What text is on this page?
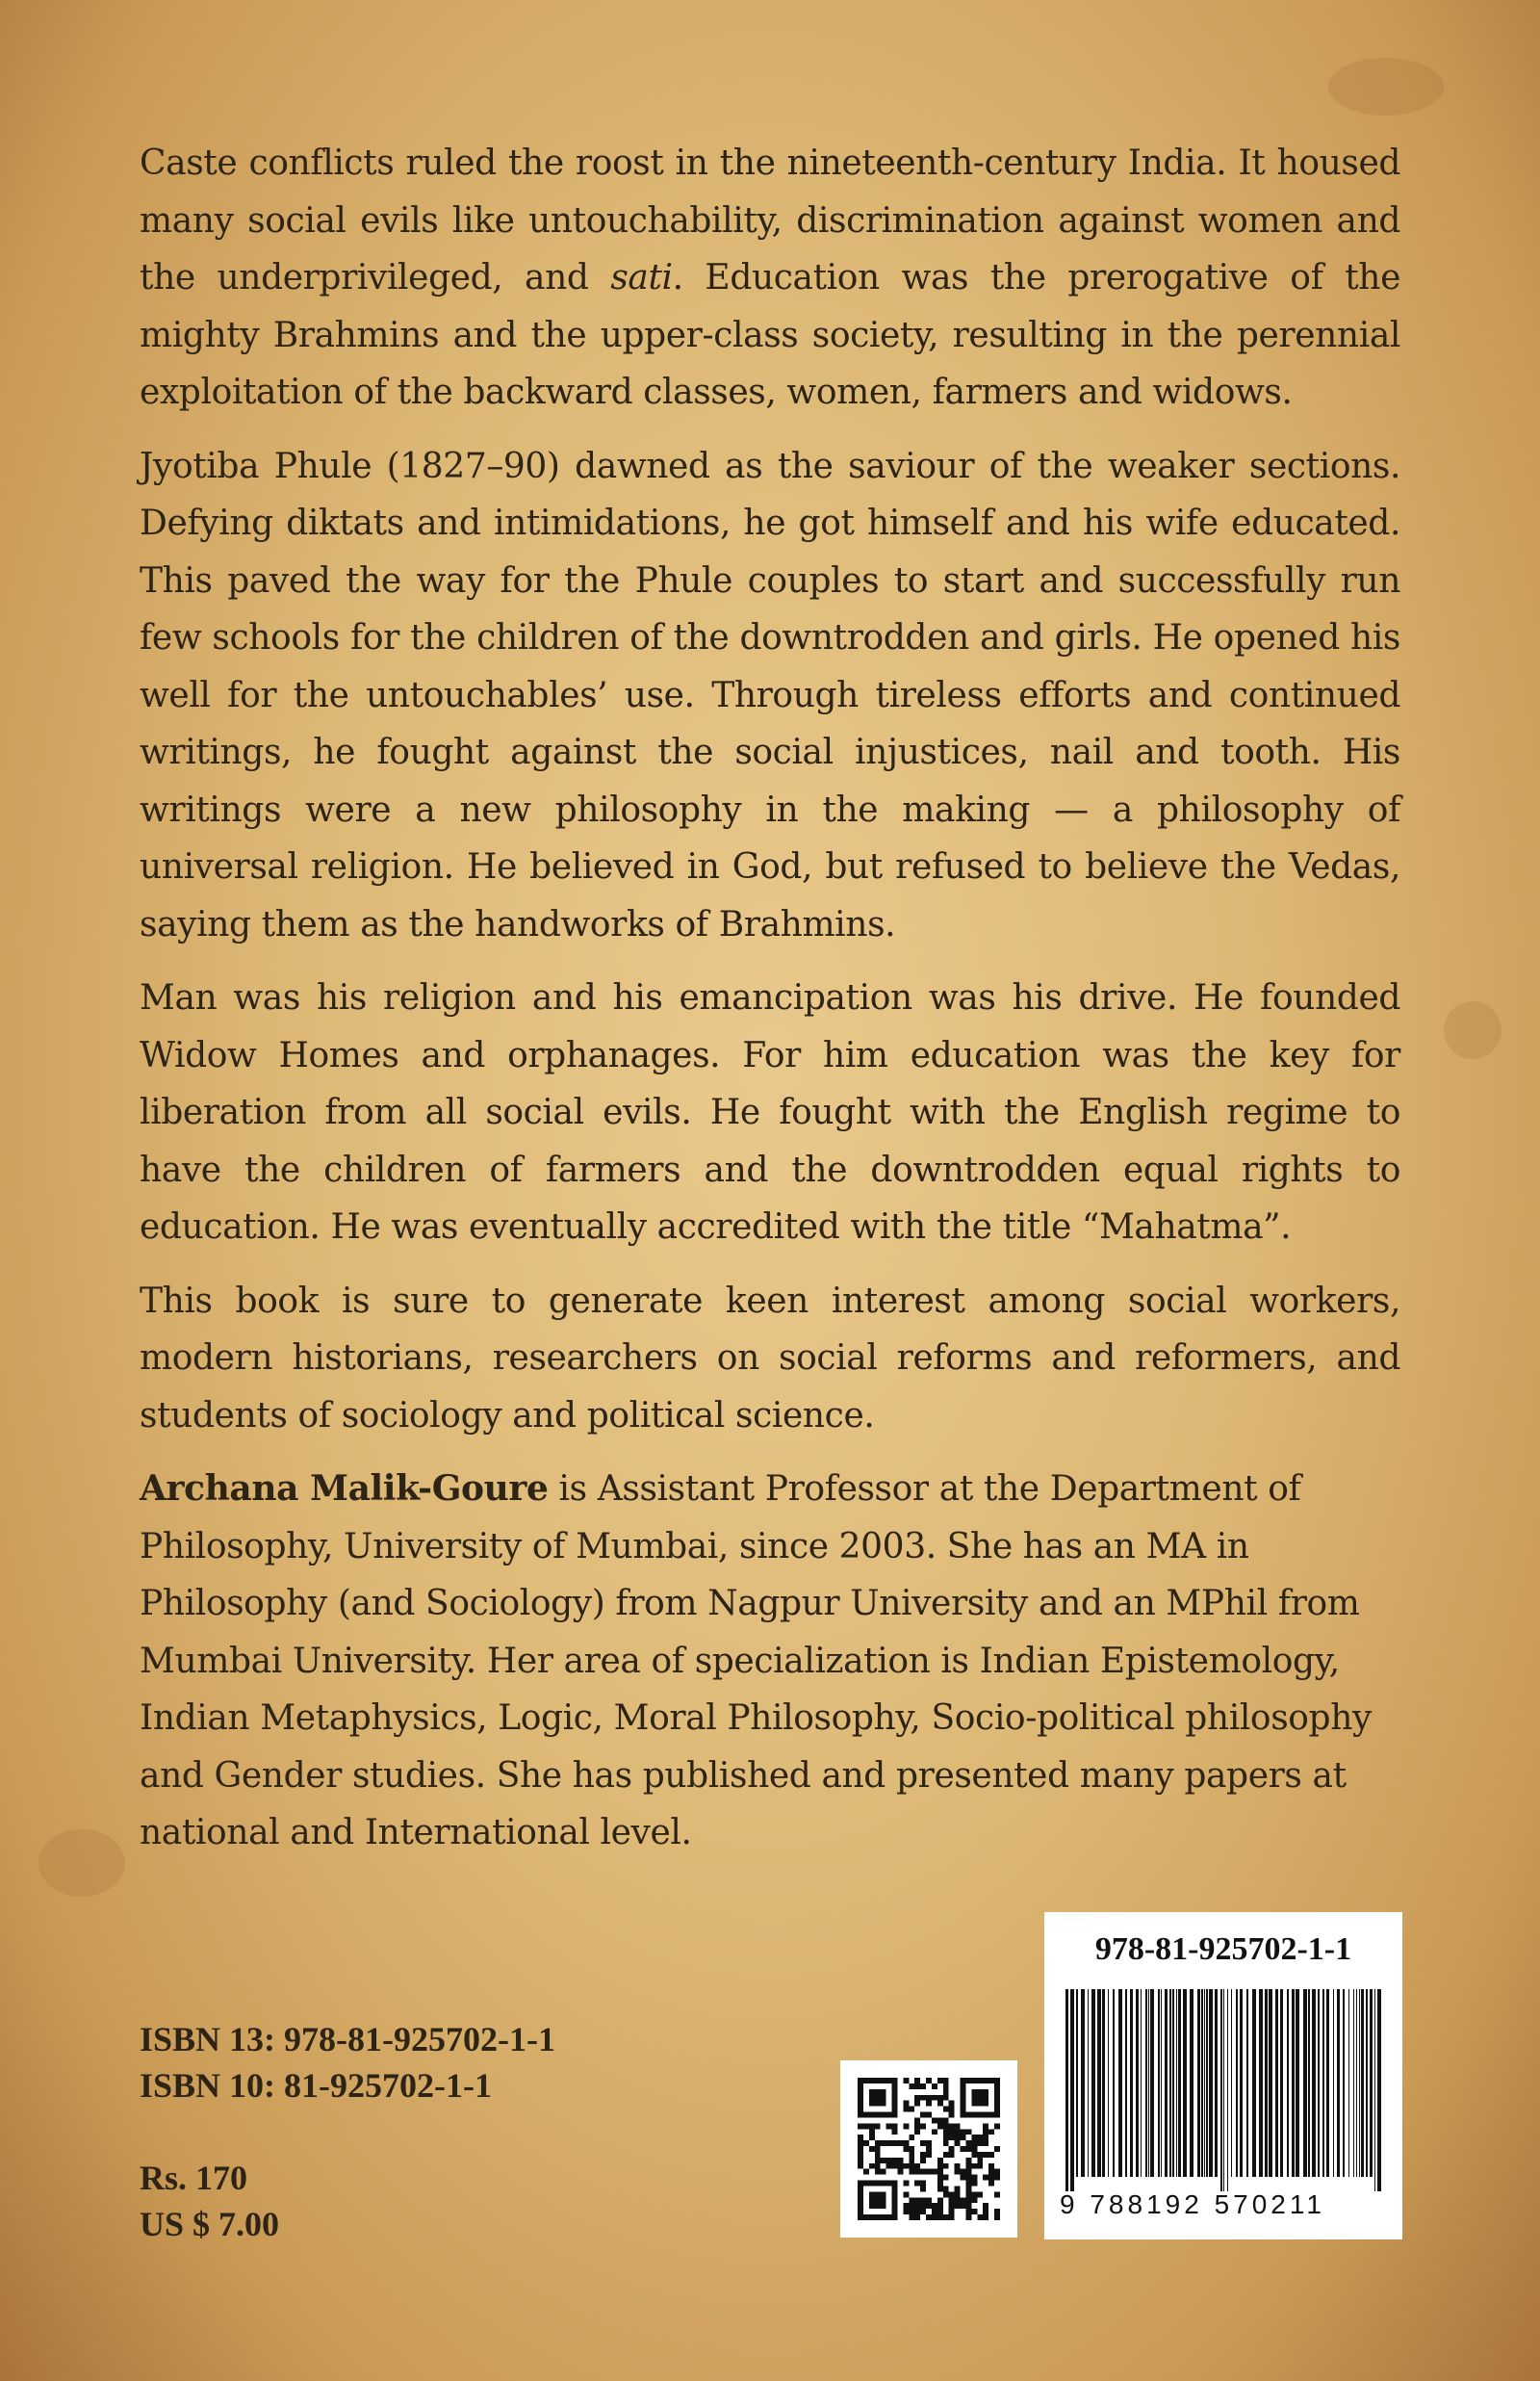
Caste conflicts ruled the roost in the nineteenth-century India. It housed many social evils like untouchability, discrimination against women and the underprivileged, and sati. Education was the prerogative of the mighty Brahmins and the upper-class society, resulting in the perennial exploitation of the backward classes, women, farmers and widows.

Jyotiba Phule (1827–90) dawned as the saviour of the weaker sections. Defying diktats and intimidations, he got himself and his wife educated. This paved the way for the Phule couples to start and successfully run few schools for the children of the downtrodden and girls. He opened his well for the untouchables’ use. Through tireless efforts and continued writings, he fought against the social injustices, nail and tooth. His writings were a new philosophy in the making — a philosophy of universal religion. He believed in God, but refused to believe the Vedas, saying them as the handworks of Brahmins.

Man was his religion and his emancipation was his drive. He founded Widow Homes and orphanages. For him education was the key for liberation from all social evils. He fought with the English regime to have the children of farmers and the downtrodden equal rights to education. He was eventually accredited with the title “Mahatma”.

This book is sure to generate keen interest among social workers, modern historians, researchers on social reforms and reformers, and students of sociology and political science.

Archana Malik-Goure is Assistant Professor at the Department of Philosophy, University of Mumbai, since 2003. She has an MA in Philosophy (and Sociology) from Nagpur University and an MPhil from Mumbai University. Her area of specialization is Indian Epistemology, Indian Metaphysics, Logic, Moral Philosophy, Socio-political philosophy and Gender studies. She has published and presented many papers at national and International level.

ISBN 13: 978-81-925702-1-1
ISBN 10: 81-925702-1-1
Rs. 170
US $ 7.00
978-81-925702-1-1
9 788192 570211
